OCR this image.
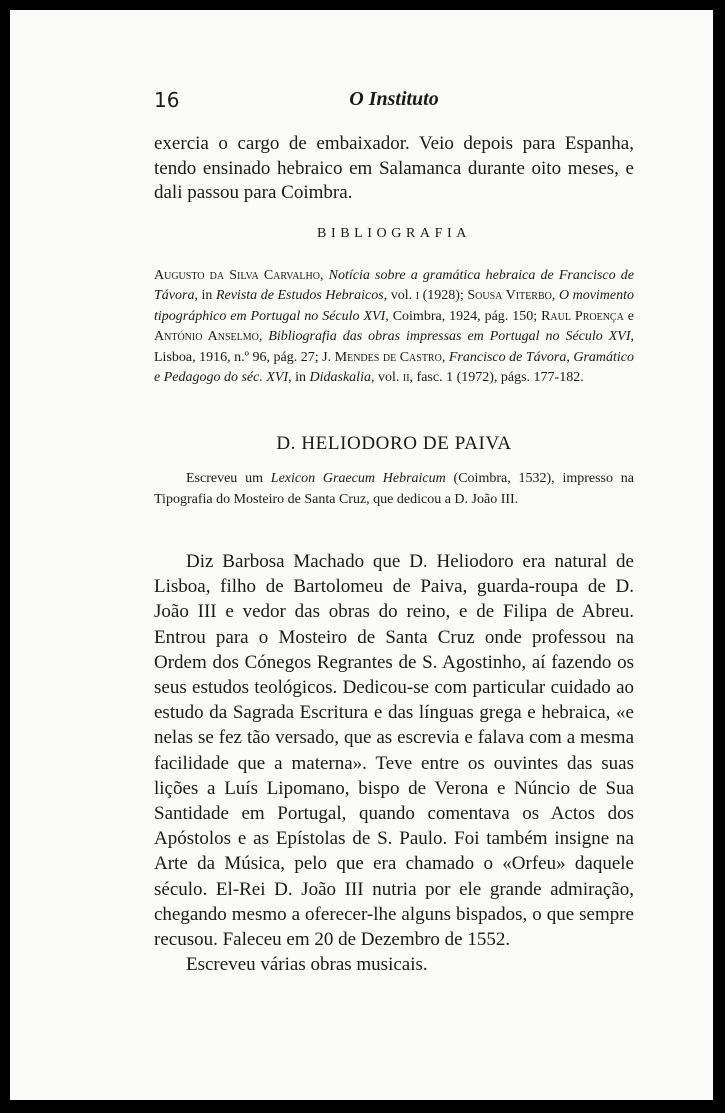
16	O Instituto

exercia o cargo de embaixador. Veio depois para Espanha, tendo ensinado hebraico em Salamanca durante oito meses, e dali passou para Coimbra.

BIBLIOGRAFIA
Augusto da Silva Carvalho, Notícia sobre a gramática hebraica de Francisco de Távora, in Revista de Estudos Hebraicos, vol. i (1928); Sousa Viterbo, O movimento tipográphico em Portugal no Século XVI, Coimbra, 1924, pág. 150; Raul Proença e António Anselmo, Bibliografia das obras impressas em Portugal no Século XVI, Lisboa, 1916, n.º 96, pág. 27; J. Mendes de Castro, Francisco de Távora, Gramático e Pedagogo do séc. XVI, in Didaskalia, vol. ii, fasc. 1 (1972), págs. 177-182.
D. HELIODORO DE PAIVA
Escreveu um Lexicon Graecum Hebraicum (Coimbra, 1532), impresso na Tipografia do Mosteiro de Santa Cruz, que dedicou a D. João III.

Diz Barbosa Machado que D. Heliodoro era natural de Lisboa, filho de Bartolomeu de Paiva, guarda-roupa de D. João III e vedor das obras do reino, e de Filipa de Abreu. Entrou para o Mosteiro de Santa Cruz onde professou na Ordem dos Cónegos Regrantes de S. Agostinho, aí fazendo os seus estudos teológicos. Dedicou-se com particular cuidado ao estudo da Sagrada Escritura e das línguas grega e hebraica, «e nelas se fez tão versado, que as escrevia e falava com a mesma facilidade que a materna». Teve entre os ouvintes das suas lições a Luís Lipomano, bispo de Verona e Núncio de Sua Santidade em Portugal, quando comentava os Actos dos Apóstolos e as Epístolas de S. Paulo. Foi também insigne na Arte da Música, pelo que era chamado o «Orfeu» daquele século. El-Rei D. João III nutria por ele grande admiração, chegando mesmo a oferecer-lhe alguns bispados, o que sempre recusou. Faleceu em 20 de Dezembro de 1552.

Escreveu várias obras musicais.
